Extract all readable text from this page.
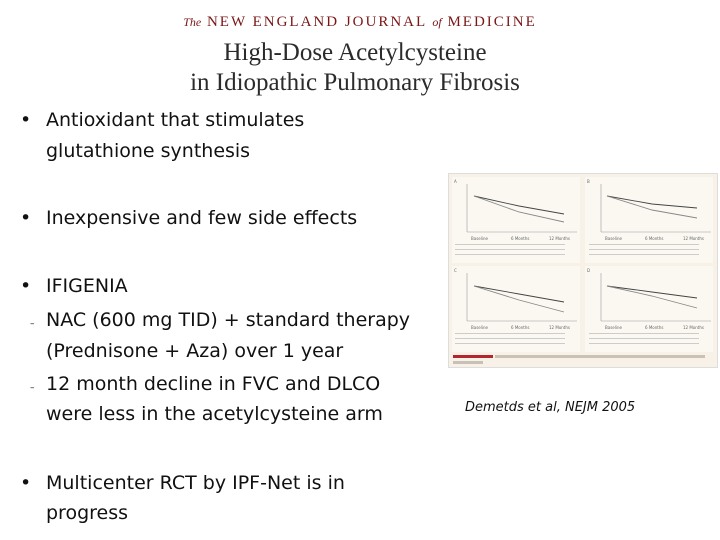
The NEW ENGLAND JOURNAL of MEDICINE
High-Dose Acetylcysteine
in Idiopathic Pulmonary Fibrosis
• Antioxidant that stimulates
glutathione synthesis
• Inexpensive and few side effects
• IFIGENIA
– NAC (600 mg TID) + standard therapy
(Prednisone + Aza) over 1 year
– 12 month decline in FVC and DLCO
were less in the acetylcysteine arm
• Multicenter RCT by IPF-Net is in
progress
A
Baseline	6 Months	12 Months
B
Baseline	6 Months	12 Months
C
Baseline	6 Months	12 Months
D
Baseline	6 Months	12 Months
Demetds et al, NEJM 2005
